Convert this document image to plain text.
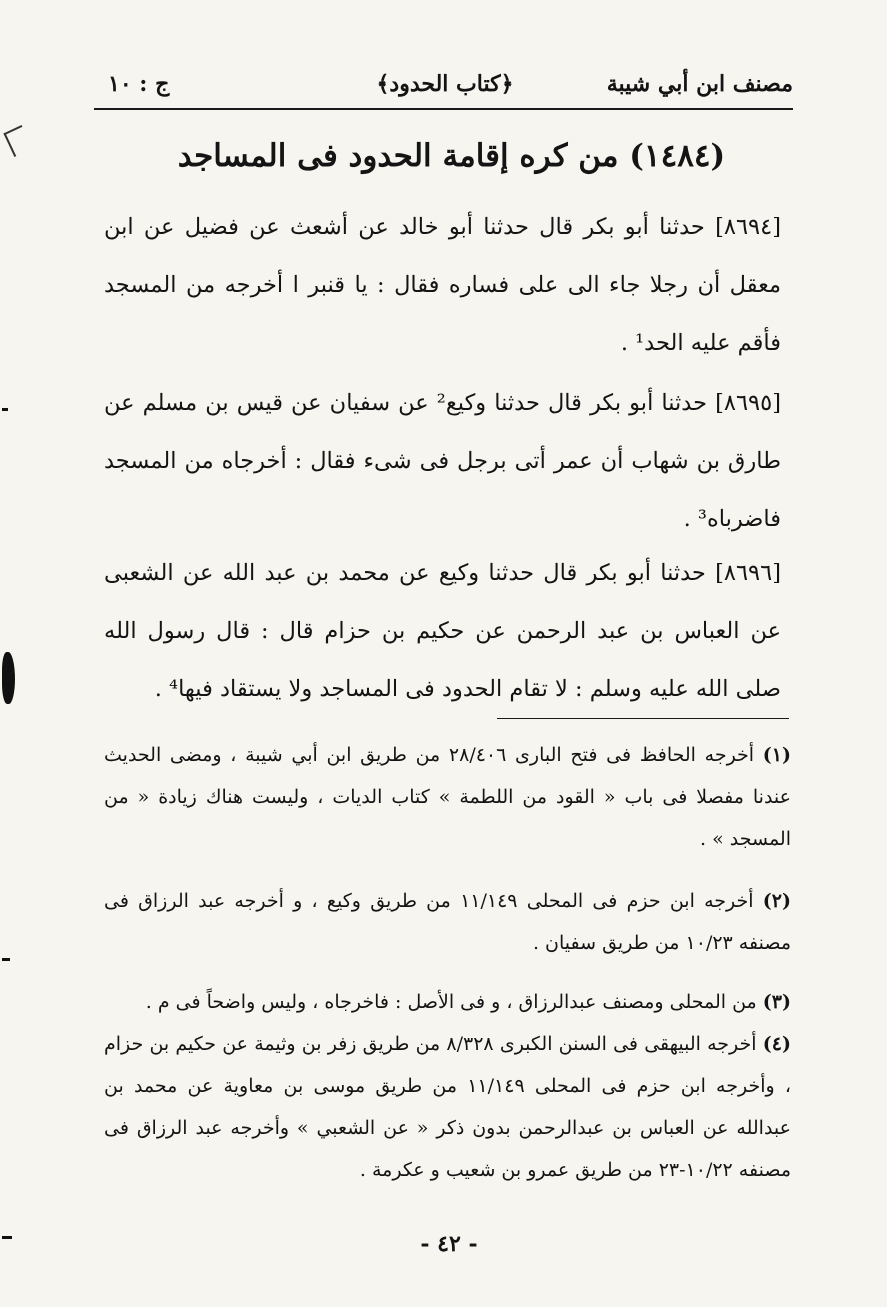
مصنف ابن أبي شيبة
﴿كتاب الحدود﴾
ج : ١٠
(١٤٨٤) من كره إقامة الحدود فى المساجد
[٨٦٩٤] حدثنا أبو بكر قال حدثنا أبو خالد عن أشعث عن فضيل عن ابن معقل أن رجلا جاء الى على فساره فقال : يا قنبر ا أخرجه من المسجد فأقم عليه الحد¹ .
[٨٦٩٥] حدثنا أبو بكر قال حدثنا وكيع² عن سفيان عن قيس بن مسلم عن طارق بن شهاب أن عمر أتى برجل فى شىء فقال : أخرجاه من المسجد فاضرباه³ .
[٨٦٩٦] حدثنا أبو بكر قال حدثنا وكيع عن محمد بن عبد الله عن الشعبى عن العباس بن عبد الرحمن عن حكيم بن حزام قال : قال رسول الله صلى الله عليه وسلم : لا تقام الحدود فى المساجد ولا يستقاد فيها⁴ .
(١) أخرجه الحافظ فى فتح البارى ٢٨/٤٠٦ من طريق ابن أبي شيبة ، ومضى الحديث عندنا مفصلا فى باب « القود من اللطمة » كتاب الديات ، وليست هناك زيادة « من المسجد » .
(٢) أخرجه ابن حزم فى المحلى ١١/١٤٩ من طريق وكيع ، و أخرجه عبد الرزاق فى مصنفه ١٠/٢٣ من طريق سفيان .
(٣) من المحلى ومصنف عبدالرزاق ، و فى الأصل : فاخرجاه ، وليس واضحاً فى م .
(٤) أخرجه البيهقى فى السنن الكبرى ٨/٣٢٨ من طريق زفر بن وثيمة عن حكيم بن حزام ، وأخرجه ابن حزم فى المحلى ١١/١٤٩ من طريق موسى بن معاوية عن محمد بن عبدالله عن العباس بن عبدالرحمن بدون ذكر « عن الشعبي » وأخرجه عبد الرزاق فى مصنفه ١٠/٢٢-٢٣ من طريق عمرو بن شعيب و عكرمة .
- ٤٢ -
